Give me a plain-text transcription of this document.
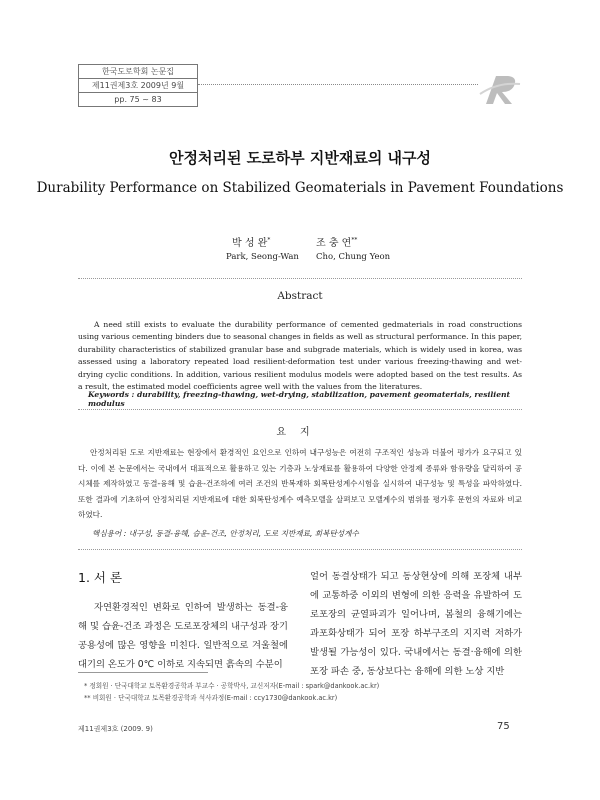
한국도로학회 논문집
제11권제3호 2009년 9월
pp. 75 ~ 83
안정처리된 도로하부 지반재료의 내구성
Durability Performance on Stabilized Geomaterials in Pavement Foundations
박 성 완*	조 충 연**
Park, Seong-Wan Cho, Chung Yeon
Abstract
A need still exists to evaluate the durability performance of cemented gedmaterials in road constructions using various cementing binders due to seasonal changes in fields as well as structural performance. In this paper, durability characteristics of stabilized granular base and subgrade materials, which is widely used in korea, was assessed using a laboratory repeated load resilient-deformation test under various freezing-thawing and wet-drying cyclic conditions. In addition, various resilient modulus models were adopted based on the test results. As a result, the estimated model coefficients agree well with the values from the literatures.
Keywords : durability, freezing-thawing, wet-drying, stabilization, pavement geomaterials, resilient modulus
요지
안정처리된 도로 지반재료는 현장에서 환경적인 요인으로 인하여 내구성능은 여전히 구조적인 성능과 더불어 평가가 요구되고 있다. 이에 본 논문에서는 국내에서 대표적으로 활용하고 있는 기층과 노상재료를 활용하여 다양한 안정제 종류와 함유량을 달리하여 공시체를 제작하였고 동결-융해 및 습윤-건조하에 여러 조건의 반복재하 회복탄성계수시험을 실시하여 내구성능 및 특성을 파악하였다. 또한 결과에 기초하여 안정처리된 지반재료에 대한 회복탄성계수 예측모델을 살펴보고 모델계수의 범위를 평가후 문헌의 자료와 비교하였다.
핵심용어 : 내구성, 동결-융해, 습윤-건조, 안정처리, 도로 지반재료, 회복탄성계수
1. 서 론
자연환경적인 변화로 인하여 발생하는 동결-융해 및 습윤-건조 과정은 도로포장체의 내구성과 장기 공용성에 많은 영향을 미친다. 일반적으로 겨울철에 대기의 온도가 0℃ 이하로 지속되면 흙속의 수분이
얼어 동결상태가 되고 동상현상에 의해 포장체 내부에 교통하중 이외의 변형에 의한 응력을 유발하여 도로포장의 균열파괴가 일어나며, 봄철의 융해기에는 과포화상태가 되어 포장 하부구조의 지지력 저하가 발생될 가능성이 있다. 국내에서는 동결·융해에 의한 포장 파손 중, 동상보다는 융해에 의한 노상 지반
* 정회원 · 단국대학교 토목환경공학과 부교수 · 공학박사, 교신저자(E-mail : spark@dankook.ac.kr)
** 비회원 · 단국대학교 토목환경공학과 석사과정(E-mail : ccy1730@dankook.ac.kr)
제11권제3호 (2009. 9)	75
